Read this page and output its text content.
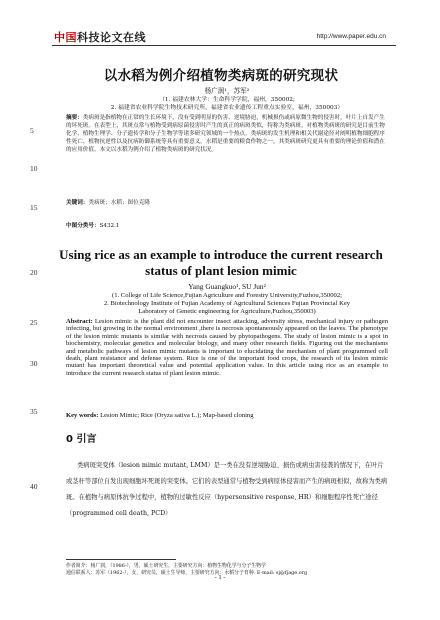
中国科技论文在线	http://www.paper.edu.cn
5
10
15
20
25
30
35
40
以水稻为例介绍植物类病斑的研究现状
杨广润¹，苏军²
（1. 福建农林大学：生命科学学院，福州，350002;
2. 福建省农业科学院生物技术研究所，福建省农业遗传工程重点实验室，福州，350003）
摘要：类病斑是指植物在正常的生长环境下，没有受到明显的伤害、逆境胁迫，机械损伤或病原微生物的侵害时，叶片上自发产生的坏死斑。在表型上，其斑点常与植物受到病原菌侵害时产生的真正的病斑类似，特称为类病斑。对植物类病斑的研究是目前生物化学、植物生理学、分子遗传学和分子生物学等诸多研究领域的一个热点。类病斑的发生机理和相关代谢途径对阐明植物细胞程序性死亡、植物抗逆性以及抗病防御系统等具有重要意义。水稻是重要的粮食作物之一，其类病斑研究更具有重要的理论价值和潜在的应用价值。本文以水稻为例介绍了植物类病斑的研究状况。
关键词：类病斑；水稻；图位克隆
中图分类号：S432.1
Using rice as an example to introduce the current research
status of plant lesion mimic
Yang Guangkuo¹, SU Jun²
(1. College of Life Science,Fujian Agriculture and Forestry University,Fuzhou,350002;
2. Biotechnology Institute of Fujian Academy of Agricultural Sciences Fujian Provincial Key
Laboratory of Genetic engineering for Agriculture,Fuzhou,350003)
Abstract: Lesion mimic is the plant did not encounter insect attacking, adversity stress, mechanical injury or pathogen infecting, but growing in the normal environment ,there is necrosis spontaneously appeared on the leaves. The phenotype of the lesion mimic mutants is similar with necrosis caused by phytopathogens. The study of lesion mimic is a spot in biochemistry, molecular genetics and molecular biology, and many other research fields. Figuring out the mechanisms and metabolic pathways of lesion mimic mutants is important to elucidating the mechanism of plant programmed cell death, plant resistance and defense system. Rice is one of the important food crops, the research of its lesion mimic mutant has important theoretical value and potential application value. In this article using rice as an example to introduce the current research status of plant lesion mimic.
Key words: Lesion Mimic; Rice (Oryza sativa L.); Map-based cloning
0 引言
类病斑突变体（lesion mimic mutant, LMM）是一类在没有逆境胁迫、损伤或病虫害侵袭的情况下，在叶片或茎秆等部位自发出现细胞坏死斑的突变体。它们的表型通常与植物受到病原体侵害而产生的病斑相似，故称为类病斑。在植物与病原体抗争过程中，植物的过敏性反应（hypersensitive response, HR）和细胞程序性死亡途径（programmed cell death, PCD）
作者简介：杨广润，（1986-），男，硕士研究生，主要研究方向：植物生物化学与分子生物学
通信联系人：苏军（1962-），女，研究员，硕士生导师，主要研究方向：水稻分子育种. E-mail: sj@fjage.org
- 1 -
